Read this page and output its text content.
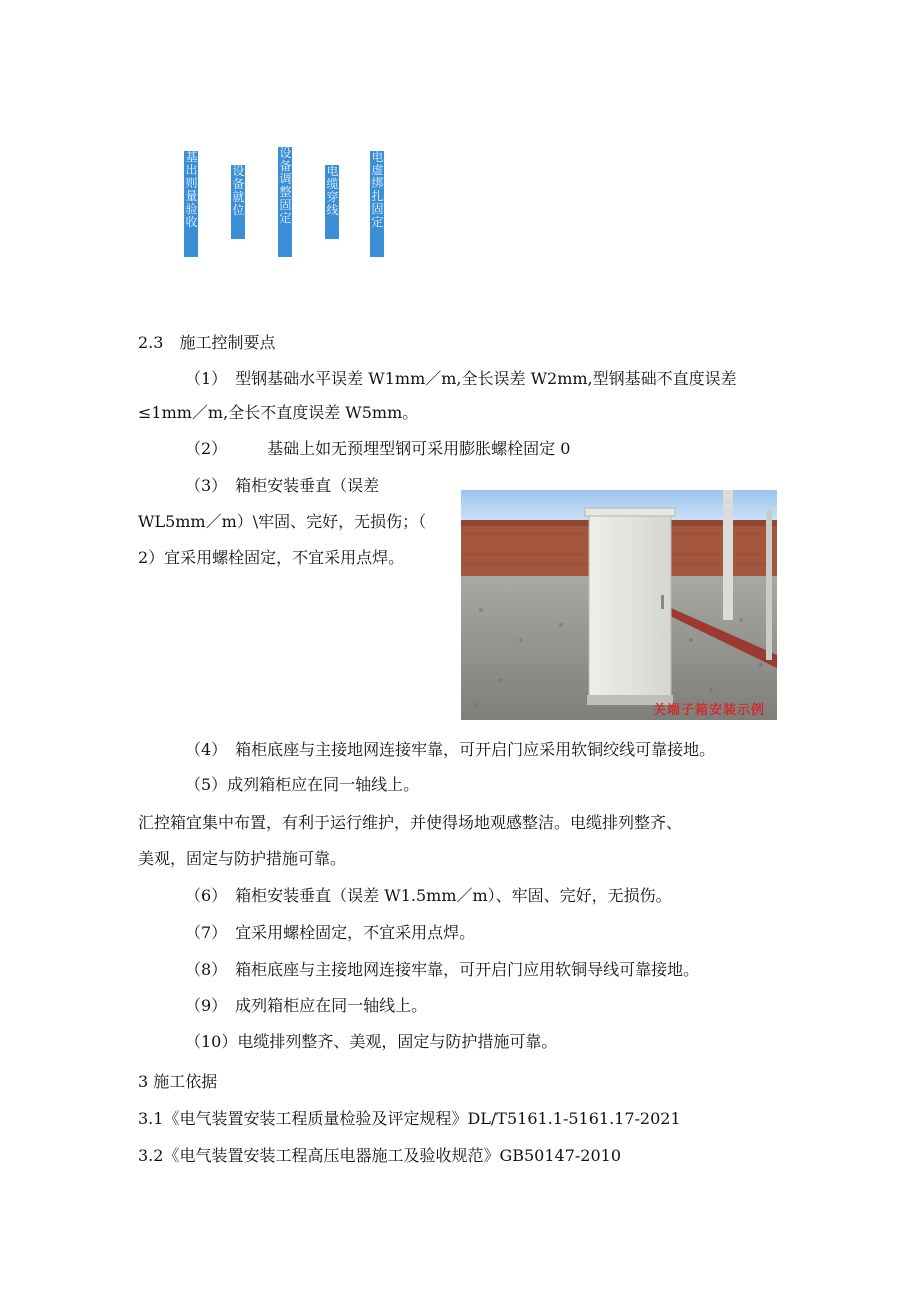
基出则量验收
设备就位
设备调整固定
电缆穿线
电虚绑扎固定
2.3　施工控制要点
（1）　型钢基础水平误差 W1mm／m,全长误差 W2mm,型钢基础不直度误差
≤1mm／m,全长不直度误差 W5mm。
（2）　　　基础上如无预埋型钢可采用膨胀螺栓固定 0
（3）　箱柜安装垂直（误差
WL5mm／m）\牢固、完好，无损伤；（
2）宜采用螺栓固定，不宜采用点焊。
关端子箱安装示例
（4）　箱柜底座与主接地网连接牢靠，可开启门应采用软铜绞线可靠接地。
（5）成列箱柜应在同一轴线上。
汇控箱宜集中布置，有利于运行维护，并使得场地观感整洁。电缆排列整齐、
美观，固定与防护措施可靠。
（6）　箱柜安装垂直（误差 W1.5mm／m）、牢固、完好，无损伤。
（7）　宜采用螺栓固定，不宜采用点焊。
（8）　箱柜底座与主接地网连接牢靠，可开启门应用软铜导线可靠接地。
（9）　成列箱柜应在同一轴线上。
（10）电缆排列整齐、美观，固定与防护措施可靠。
3 施工依据
3.1《电气装置安装工程质量检验及评定规程》DL/T5161.1-5161.17-2021
3.2《电气装置安装工程高压电器施工及验收规范》GB50147-2010
